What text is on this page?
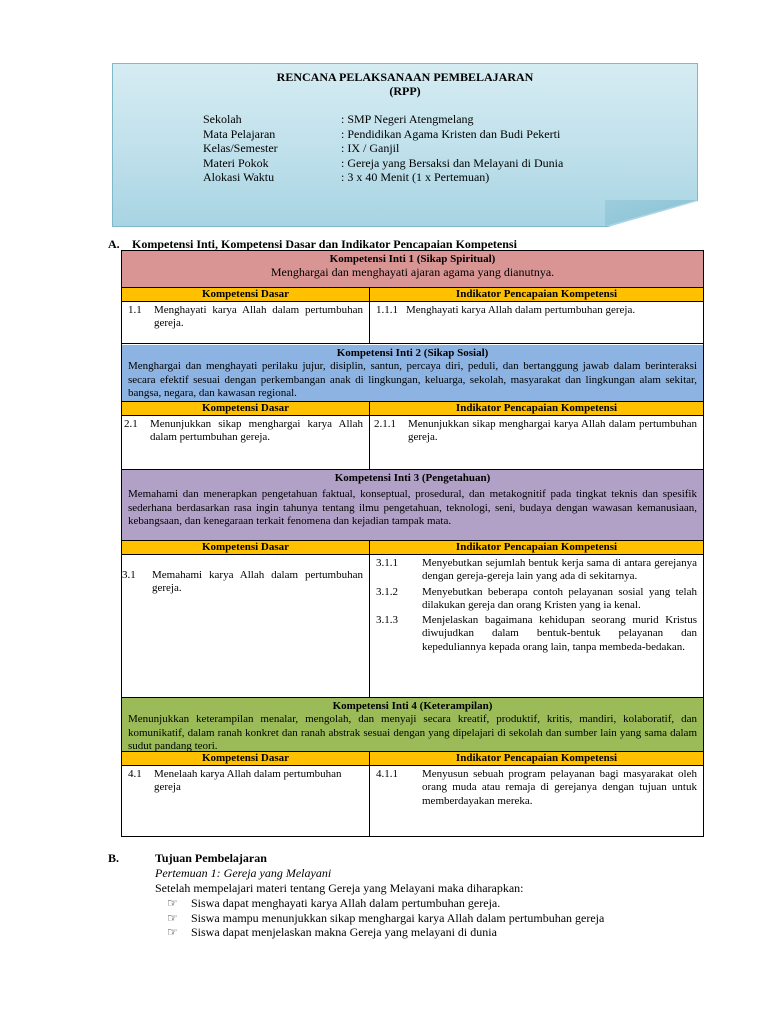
RENCANA PELAKSANAAN PEMBELAJARAN
(RPP)
Sekolah	: SMP Negeri Atengmelang
Mata Pelajaran	: Pendidikan Agama Kristen dan Budi Pekerti
Kelas/Semester	: IX / Ganjil
Materi Pokok	: Gereja yang Bersaksi dan Melayani di Dunia
Alokasi Waktu	: 3 x 40 Menit (1 x Pertemuan)
A. Kompetensi Inti, Kompetensi Dasar dan Indikator Pencapaian Kompetensi
Kompetensi Inti 1 (Sikap Spiritual)
Menghargai dan menghayati ajaran agama yang dianutnya.
Kompetensi Dasar	Indikator Pencapaian Kompetensi
1.1	Menghayati karya Allah dalam pertumbuhan gereja.
1.1.1 Menghayati karya Allah dalam pertumbuhan gereja.
Kompetensi Inti 2 (Sikap Sosial)
Menghargai dan menghayati perilaku jujur, disiplin, santun, percaya diri, peduli, dan bertanggung jawab dalam berinteraksi secara efektif sesuai dengan perkembangan anak di lingkungan, keluarga, sekolah, masyarakat dan lingkungan alam sekitar, bangsa, negara, dan kawasan regional.
Kompetensi Dasar	Indikator Pencapaian Kompetensi
2.1	Menunjukkan sikap menghargai karya Allah dalam pertumbuhan gereja.
2.1.1	Menunjukkan sikap menghargai karya Allah dalam pertumbuhan gereja.
Kompetensi Inti 3 (Pengetahuan)
Memahami dan menerapkan pengetahuan faktual, konseptual, prosedural, dan metakognitif pada tingkat teknis dan spesifik sederhana berdasarkan rasa ingin tahunya tentang ilmu pengetahuan, teknologi, seni, budaya dengan wawasan kemanusiaan, kebangsaan, dan kenegaraan terkait fenomena dan kejadian tampak mata.
Kompetensi Dasar	Indikator Pencapaian Kompetensi
3.1	Memahami karya Allah dalam pertumbuhan gereja.
3.1.1	Menyebutkan sejumlah bentuk kerja sama di antara gerejanya dengan gereja-gereja lain yang ada di sekitarnya.
3.1.2	Menyebutkan beberapa contoh pelayanan sosial yang telah dilakukan gereja dan orang Kristen yang ia kenal.
3.1.3	Menjelaskan bagaimana kehidupan seorang murid Kristus diwujudkan dalam bentuk-bentuk pelayanan dan kepeduliannya kepada orang lain, tanpa membeda-bedakan.
Kompetensi Inti 4 (Keterampilan)
Menunjukkan keterampilan menalar, mengolah, dan menyaji secara kreatif, produktif, kritis, mandiri, kolaboratif, dan komunikatif, dalam ranah konkret dan ranah abstrak sesuai dengan yang dipelajari di sekolah dan sumber lain yang sama dalam sudut pandang teori.
Kompetensi Dasar	Indikator Pencapaian Kompetensi
4.1	Menelaah karya Allah dalam pertumbuhan gereja
4.1.1	Menyusun sebuah program pelayanan bagi masyarakat oleh orang muda atau remaja di gerejanya dengan tujuan untuk memberdayakan mereka.
B.	Tujuan Pembelajaran
Pertemuan 1: Gereja yang Melayani
Setelah mempelajari materi tentang Gereja yang Melayani maka diharapkan:
☞	Siswa dapat menghayati karya Allah dalam pertumbuhan gereja.
☞	Siswa mampu menunjukkan sikap menghargai karya Allah dalam pertumbuhan gereja
☞	Siswa dapat menjelaskan makna Gereja yang melayani di dunia
